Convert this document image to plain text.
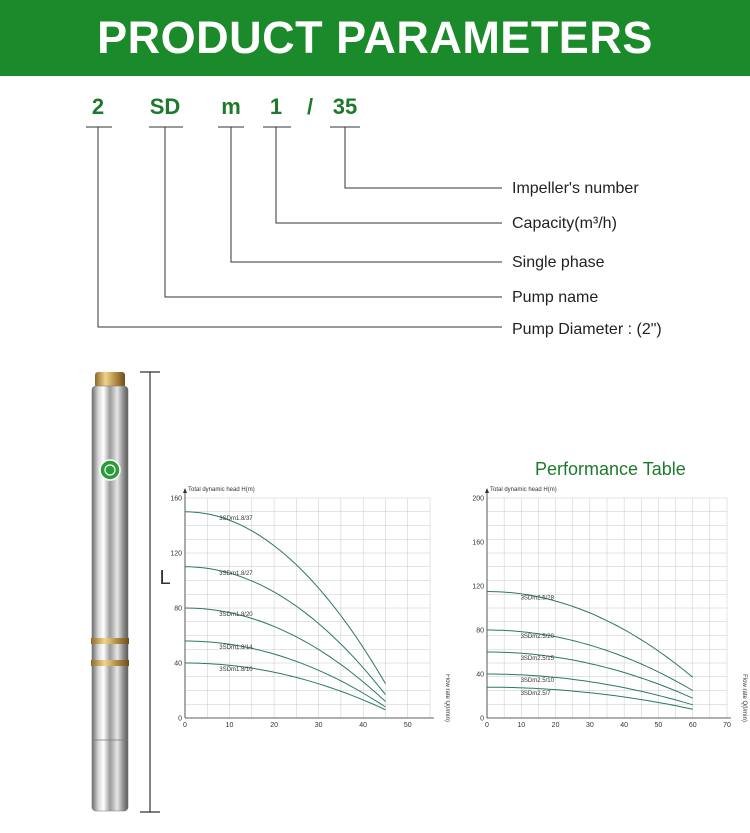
PRODUCT PARAMETERS
2 SD m 1 / 35
Impeller's number
Capacity(m³/h)
Single phase
Pump name
Pump Diameter : (2")
L
Performance Table
0	10	20	30	40	50
0
40
80
120
160
Total dynamic head H(m)
Flow rate Q(l/min)
3SDm1.8/37
3SDm1.8/27
3SDm1.8/20
3SDm1.8/14
3SDm1.8/10
0	10	20	30	40	50	60	70
0
40
80
120
160
200
Total dynamic head H(m)
Flow rate Q(l/min)
3SDm2.5/28
3SDm2.5/20
3SDm2.5/15
3SDm2.5/10
3SDm2.5/7
